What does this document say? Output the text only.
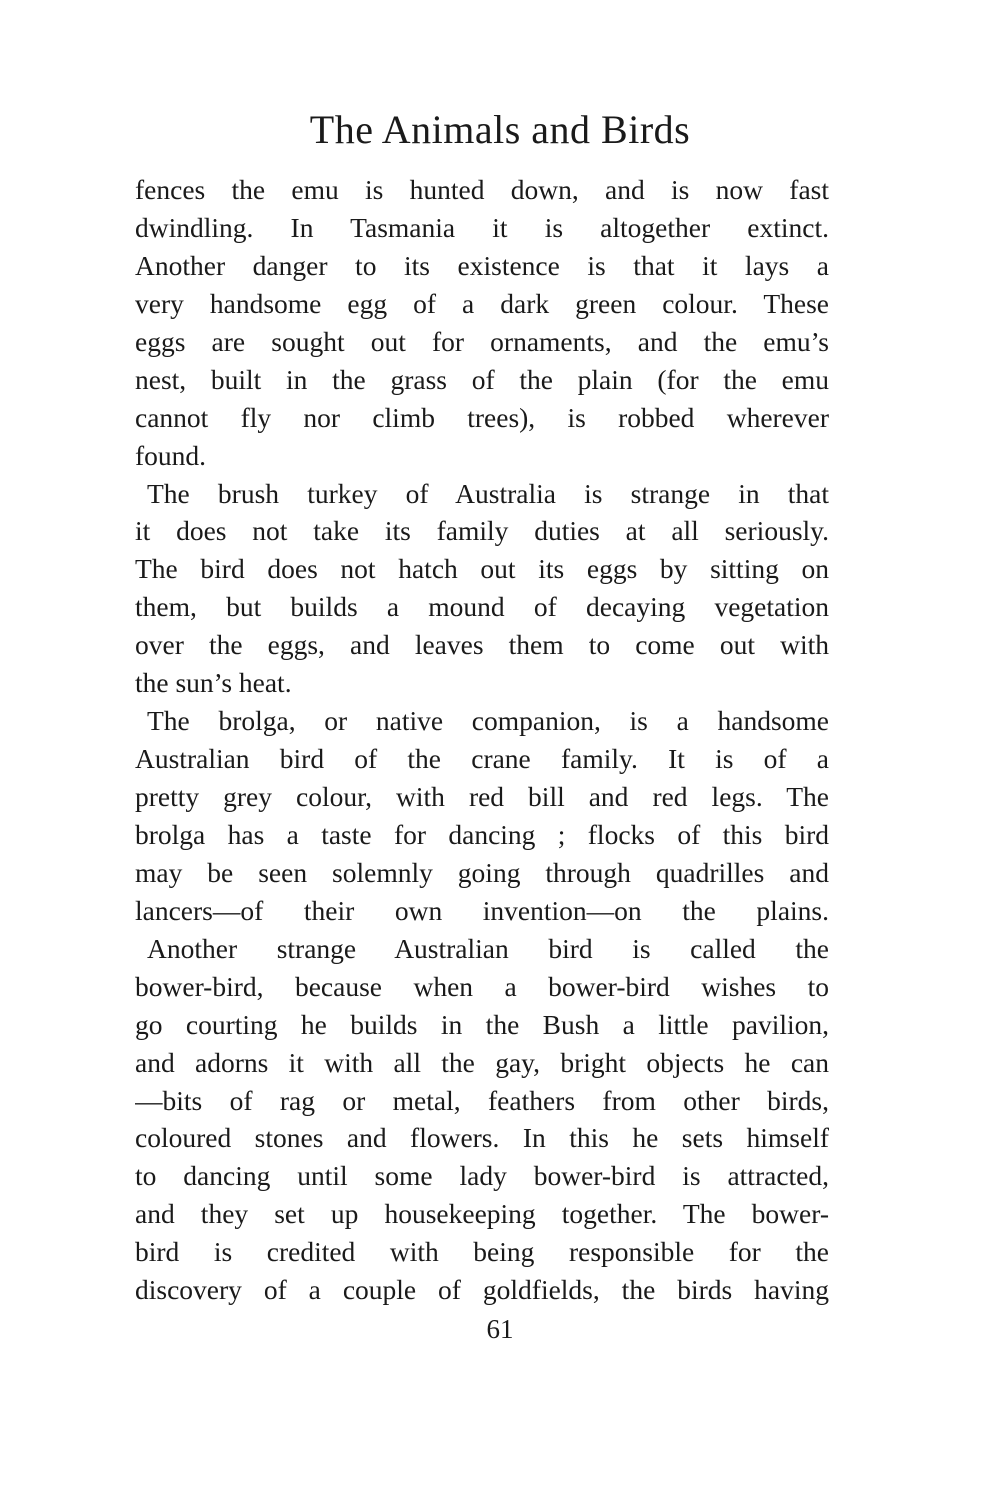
The Animals and Birds
fences the emu is hunted down, and is now fast
dwindling. In Tasmania it is altogether extinct.
Another danger to its existence is that it lays a
very handsome egg of a dark green colour. These
eggs are sought out for ornaments, and the emu’s
nest, built in the grass of the plain (for the emu
cannot fly nor climb trees), is robbed wherever
found.
The brush turkey of Australia is strange in that
it does not take its family duties at all seriously.
The bird does not hatch out its eggs by sitting on
them, but builds a mound of decaying vegetation
over the eggs, and leaves them to come out with
the sun’s heat.
The brolga, or native companion, is a handsome
Australian bird of the crane family. It is of a
pretty grey colour, with red bill and red legs. The
brolga has a taste for dancing ; flocks of this bird
may be seen solemnly going through quadrilles and
lancers—of their own invention—on the plains.
Another strange Australian bird is called the
bower-bird, because when a bower-bird wishes to
go courting he builds in the Bush a little pavilion,
and adorns it with all the gay, bright objects he can
—bits of rag or metal, feathers from other birds,
coloured stones and flowers. In this he sets himself
to dancing until some lady bower-bird is attracted,
and they set up housekeeping together. The bower-
bird is credited with being responsible for the
discovery of a couple of goldfields, the birds having
61
